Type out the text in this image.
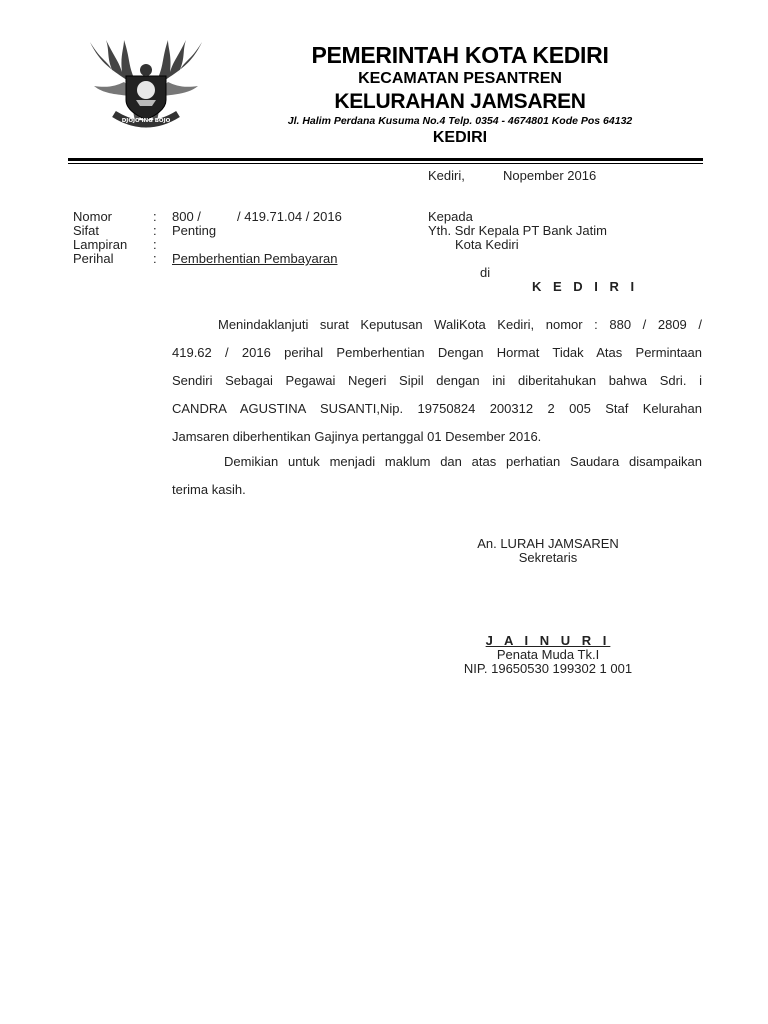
DJOJO ING BOJO
PEMERINTAH KOTA KEDIRI
KECAMATAN PESANTREN
KELURAHAN JAMSAREN
Jl. Halim Perdana Kusuma No.4 Telp. 0354 - 4674801 Kode Pos 64132
KEDIRI
Kediri,	Nopember 2016
Nomor	: 800 /          / 419.71.04 / 2016
Sifat	: Penting
Lampiran :
Perihal	: Pemberhentian Pembayaran
Kepada
Yth. Sdr Kepala PT Bank Jatim
Kota Kediri
di
K E D I R I
Menindaklanjuti surat Keputusan WaliKota Kediri, nomor : 880 / 2809 /
419.62 / 2016 perihal Pemberhentian Dengan Hormat Tidak Atas Permintaan
Sendiri Sebagai Pegawai Negeri Sipil dengan ini diberitahukan bahwa Sdri. i
CANDRA AGUSTINA SUSANTI,Nip. 19750824 200312 2 005 Staf Kelurahan
Jamsaren diberhentikan Gajinya pertanggal 01 Desember 2016.
Demikian untuk menjadi maklum dan atas perhatian Saudara disampaikan
terima kasih.
An. LURAH JAMSAREN
Sekretaris
J A I N U R I
Penata Muda Tk.I
NIP. 19650530 199302 1 001
